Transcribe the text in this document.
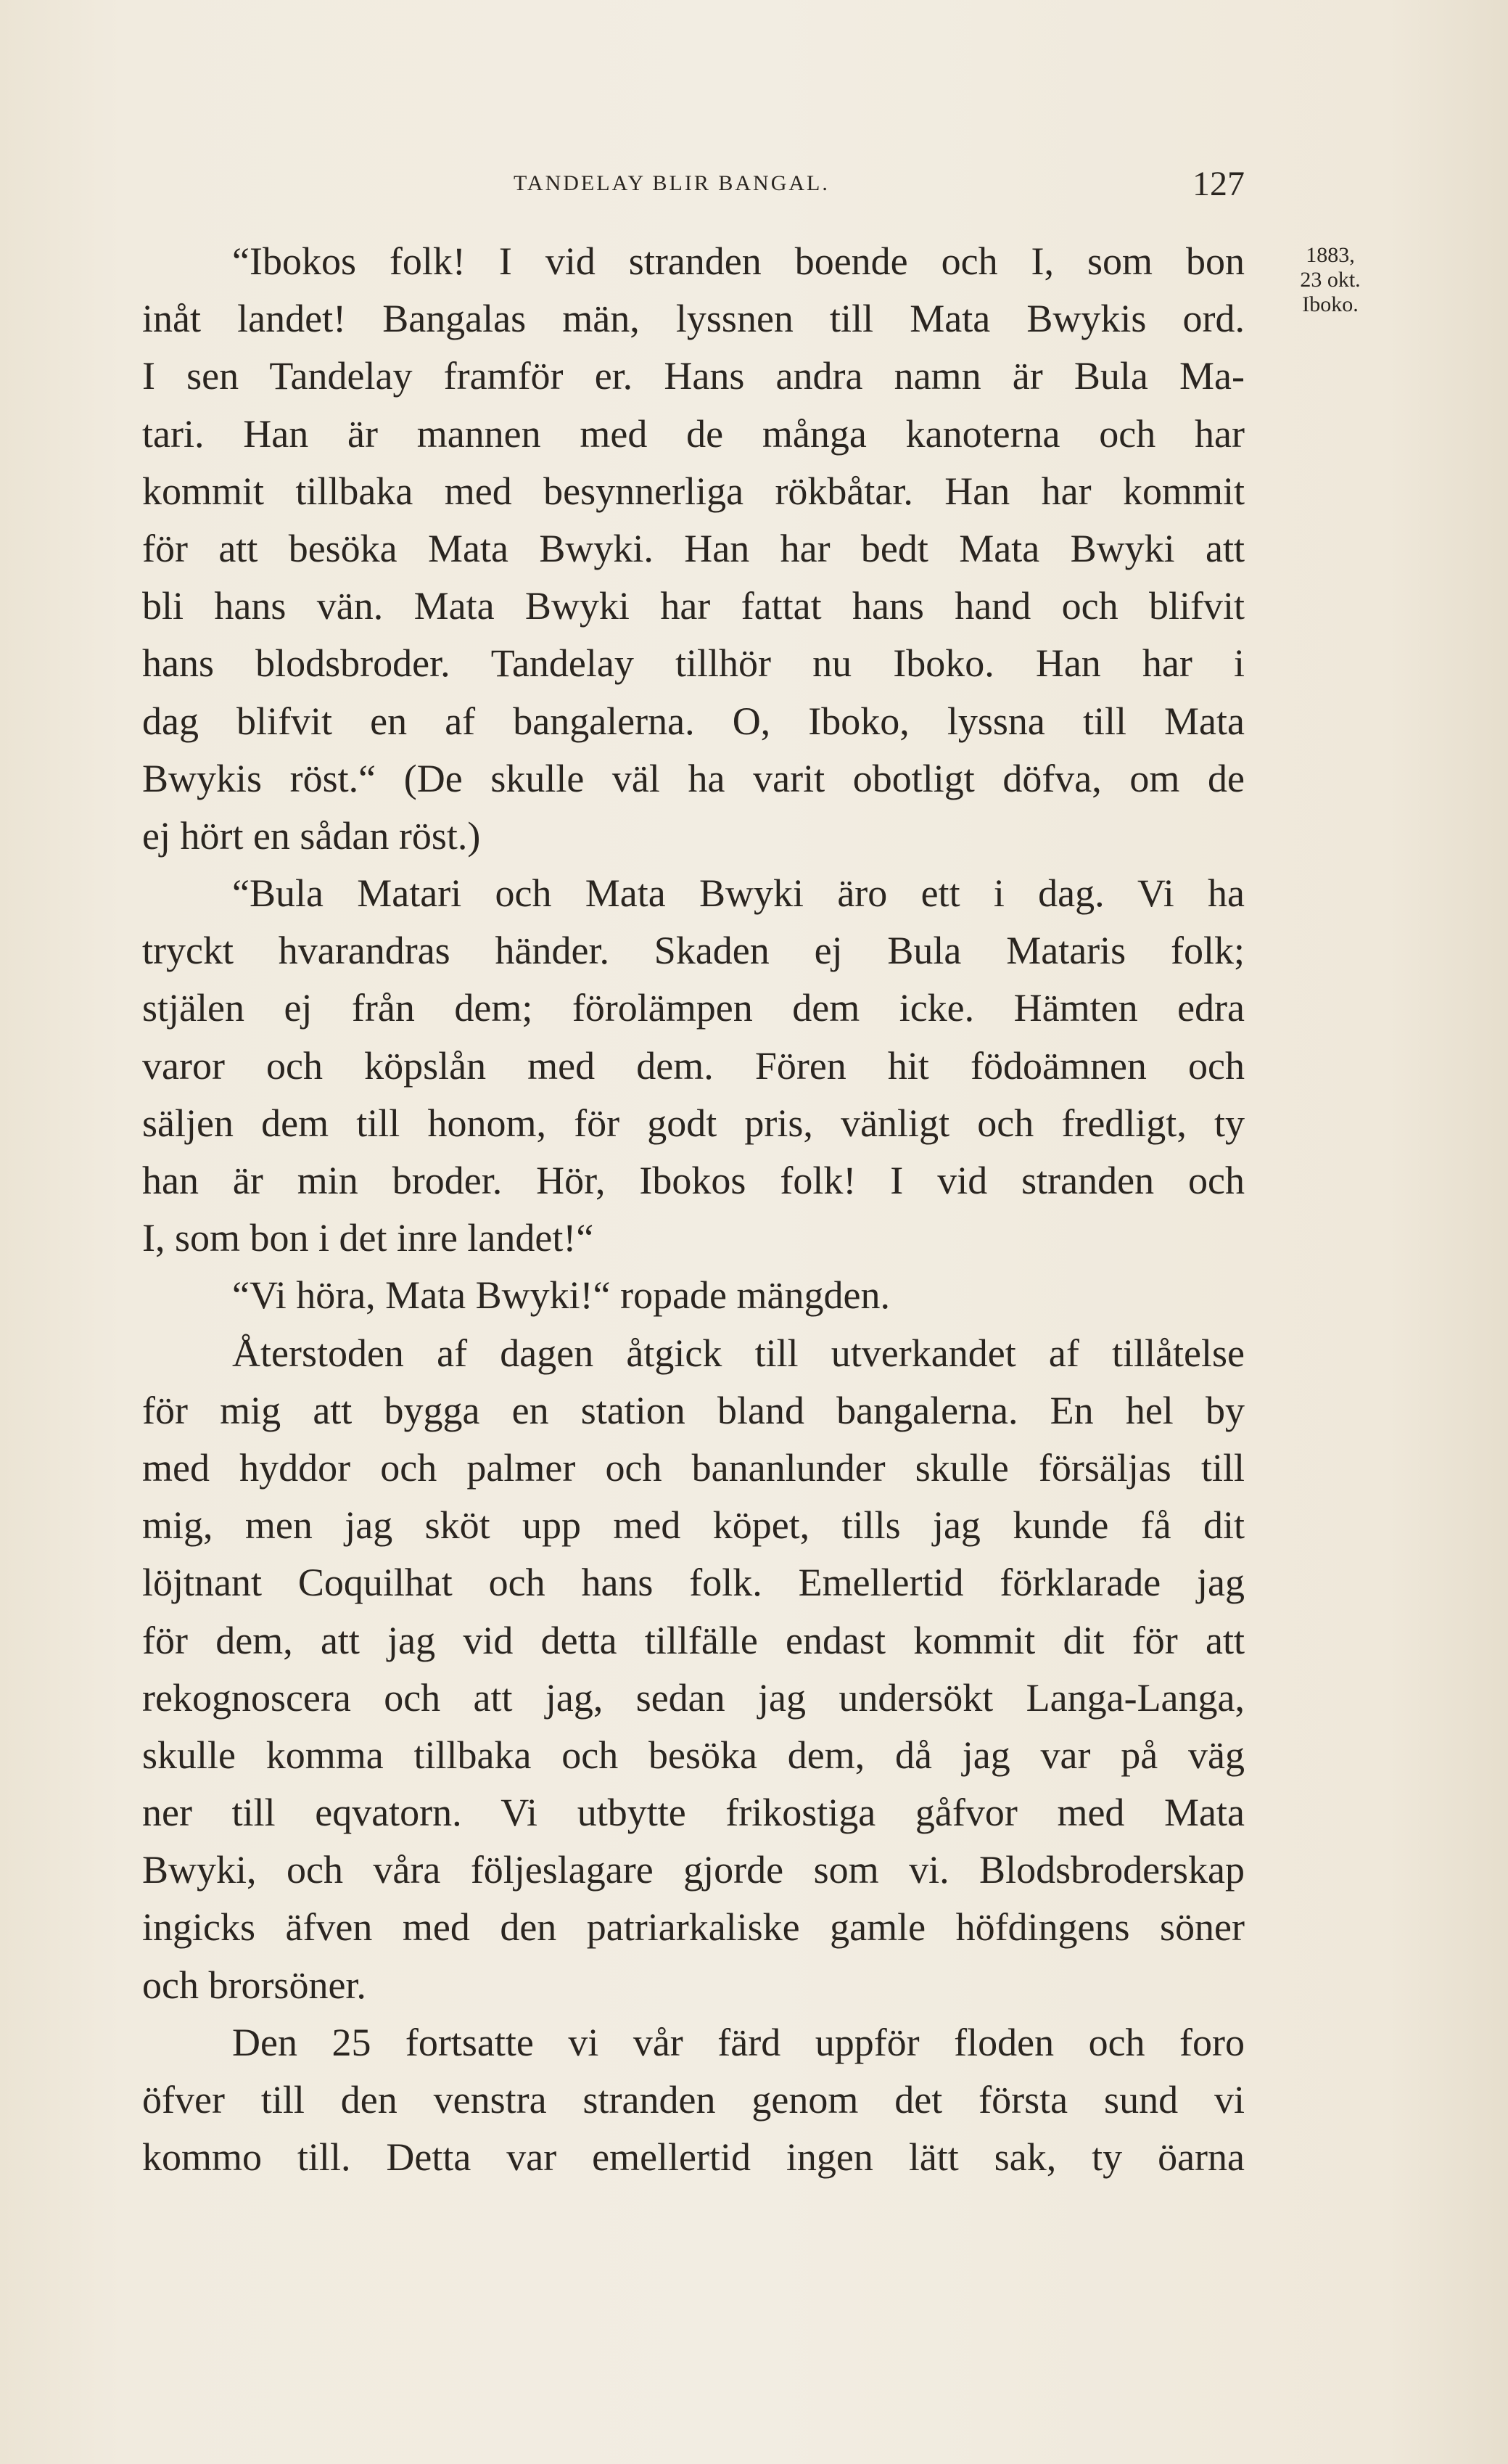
TANDELAY BLIR BANGAL.	127
1883,
23 okt.
Iboko.
“Ibokos folk! I vid stranden boende och I, som bon
inåt landet! Bangalas män, lyssnen till Mata Bwykis ord.
I sen Tandelay framför er. Hans andra namn är Bula Ma-
tari. Han är mannen med de många kanoterna och har
kommit tillbaka med besynnerliga rökbåtar. Han har kommit
för att besöka Mata Bwyki. Han har bedt Mata Bwyki att
bli hans vän. Mata Bwyki har fattat hans hand och blifvit
hans blodsbroder. Tandelay tillhör nu Iboko. Han har i
dag blifvit en af bangalerna. O, Iboko, lyssna till Mata
Bwykis röst.“ (De skulle väl ha varit obotligt döfva, om de
ej hört en sådan röst.)
“Bula Matari och Mata Bwyki äro ett i dag. Vi ha
tryckt hvarandras händer. Skaden ej Bula Mataris folk;
stjälen ej från dem; förolämpen dem icke. Hämten edra
varor och köpslån med dem. Fören hit födoämnen och
säljen dem till honom, för godt pris, vänligt och fredligt, ty
han är min broder. Hör, Ibokos folk! I vid stranden och
I, som bon i det inre landet!“
“Vi höra, Mata Bwyki!“ ropade mängden.
Återstoden af dagen åtgick till utverkandet af tillåtelse
för mig att bygga en station bland bangalerna. En hel by
med hyddor och palmer och bananlunder skulle försäljas till
mig, men jag sköt upp med köpet, tills jag kunde få dit
löjtnant Coquilhat och hans folk. Emellertid förklarade jag
för dem, att jag vid detta tillfälle endast kommit dit för att
rekognoscera och att jag, sedan jag undersökt Langa-Langa,
skulle komma tillbaka och besöka dem, då jag var på väg
ner till eqvatorn. Vi utbytte frikostiga gåfvor med Mata
Bwyki, och våra följeslagare gjorde som vi. Blodsbroderskap
ingicks äfven med den patriarkaliske gamle höfdingens söner
och brorsöner.
Den 25 fortsatte vi vår färd uppför floden och foro
öfver till den venstra stranden genom det första sund vi
kommo till. Detta var emellertid ingen lätt sak, ty öarna
